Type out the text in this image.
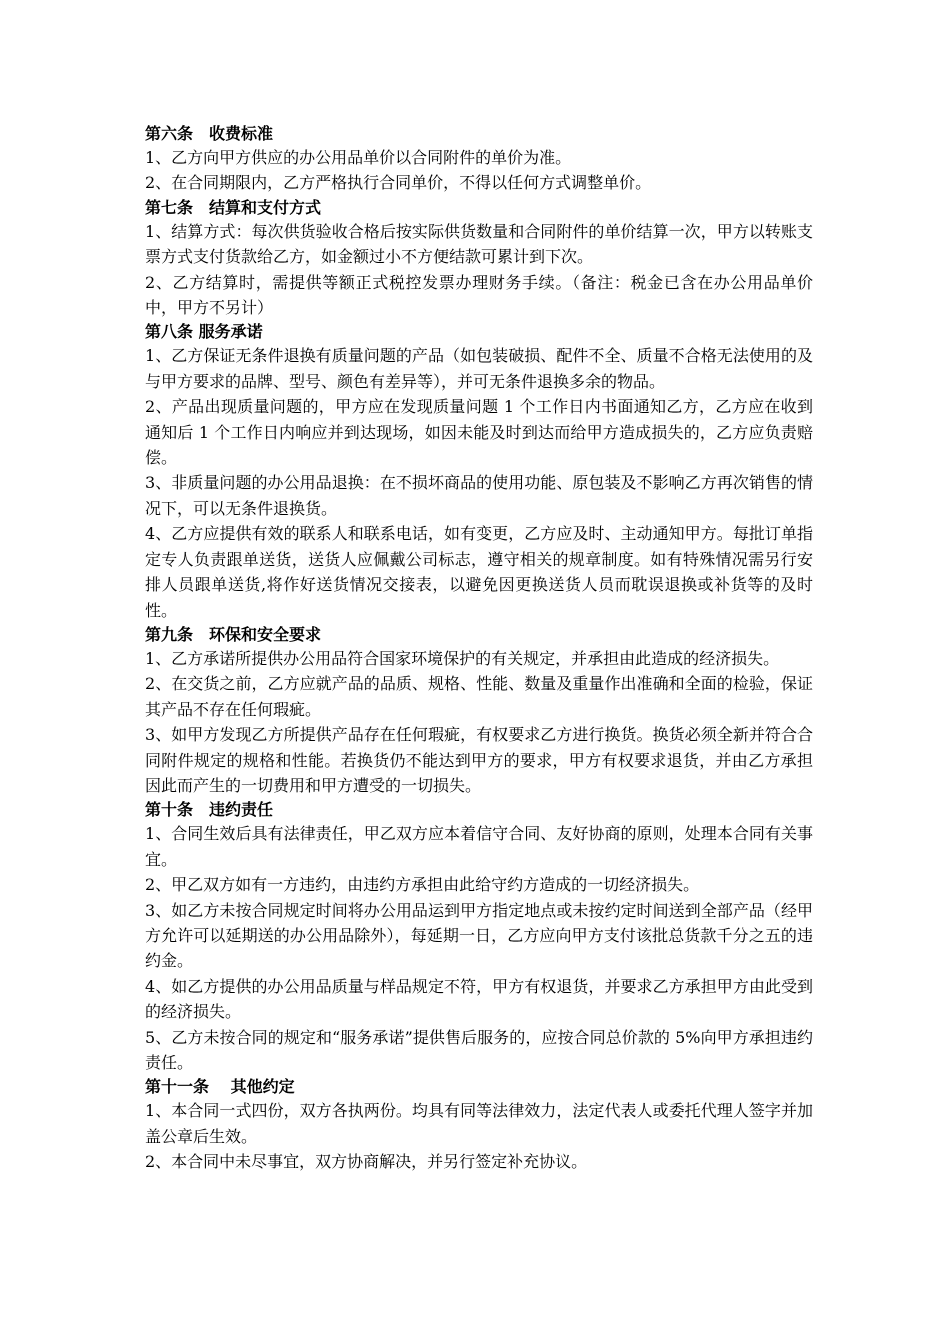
第六条　收费标准

1、乙方向甲方供应的办公用品单价以合同附件的单价为准。

2、在合同期限内，乙方严格执行合同单价，不得以任何方式调整单价。

第七条　结算和支付方式

1、结算方式：每次供货验收合格后按实际供货数量和合同附件的单价结算一次，甲方以转账支票方式支付货款给乙方，如金额过小不方便结款可累计到下次。

2、乙方结算时，需提供等额正式税控发票办理财务手续。（备注：税金已含在办公用品单价中，甲方不另计）

第八条 服务承诺

1、乙方保证无条件退换有质量问题的产品（如包装破损、配件不全、质量不合格无法使用的及与甲方要求的品牌、型号、颜色有差异等），并可无条件退换多余的物品。

2、产品出现质量问题的，甲方应在发现质量问题 1 个工作日内书面通知乙方，乙方应在收到通知后 1 个工作日内响应并到达现场，如因未能及时到达而给甲方造成损失的，乙方应负责赔偿。

3、非质量问题的办公用品退换：在不损坏商品的使用功能、原包装及不影响乙方再次销售的情况下，可以无条件退换货。

4、乙方应提供有效的联系人和联系电话，如有变更，乙方应及时、主动通知甲方。每批订单指定专人负责跟单送货，送货人应佩戴公司标志，遵守相关的规章制度。如有特殊情况需另行安排人员跟单送货,将作好送货情况交接表，以避免因更换送货人员而耽误退换或补货等的及时性。

第九条　环保和安全要求

1、乙方承诺所提供办公用品符合国家环境保护的有关规定，并承担由此造成的经济损失。

2、在交货之前，乙方应就产品的品质、规格、性能、数量及重量作出准确和全面的检验，保证其产品不存在任何瑕疵。

3、如甲方发现乙方所提供产品存在任何瑕疵，有权要求乙方进行换货。换货必须全新并符合合同附件规定的规格和性能。若换货仍不能达到甲方的要求，甲方有权要求退货，并由乙方承担因此而产生的一切费用和甲方遭受的一切损失。

第十条　违约责任

1、合同生效后具有法律责任，甲乙双方应本着信守合同、友好协商的原则，处理本合同有关事宜。

2、甲乙双方如有一方违约，由违约方承担由此给守约方造成的一切经济损失。

3、如乙方未按合同规定时间将办公用品运到甲方指定地点或未按约定时间送到全部产品（经甲方允许可以延期送的办公用品除外），每延期一日，乙方应向甲方支付该批总货款千分之五的违约金。

4、如乙方提供的办公用品质量与样品规定不符，甲方有权退货，并要求乙方承担甲方由此受到的经济损失。

5、乙方未按合同的规定和“服务承诺”提供售后服务的，应按合同总价款的 5%向甲方承担违约责任。

第十一条　 其他约定

1、本合同一式四份，双方各执两份。均具有同等法律效力，法定代表人或委托代理人签字并加盖公章后生效。

2、本合同中未尽事宜，双方协商解决，并另行签定补充协议。
